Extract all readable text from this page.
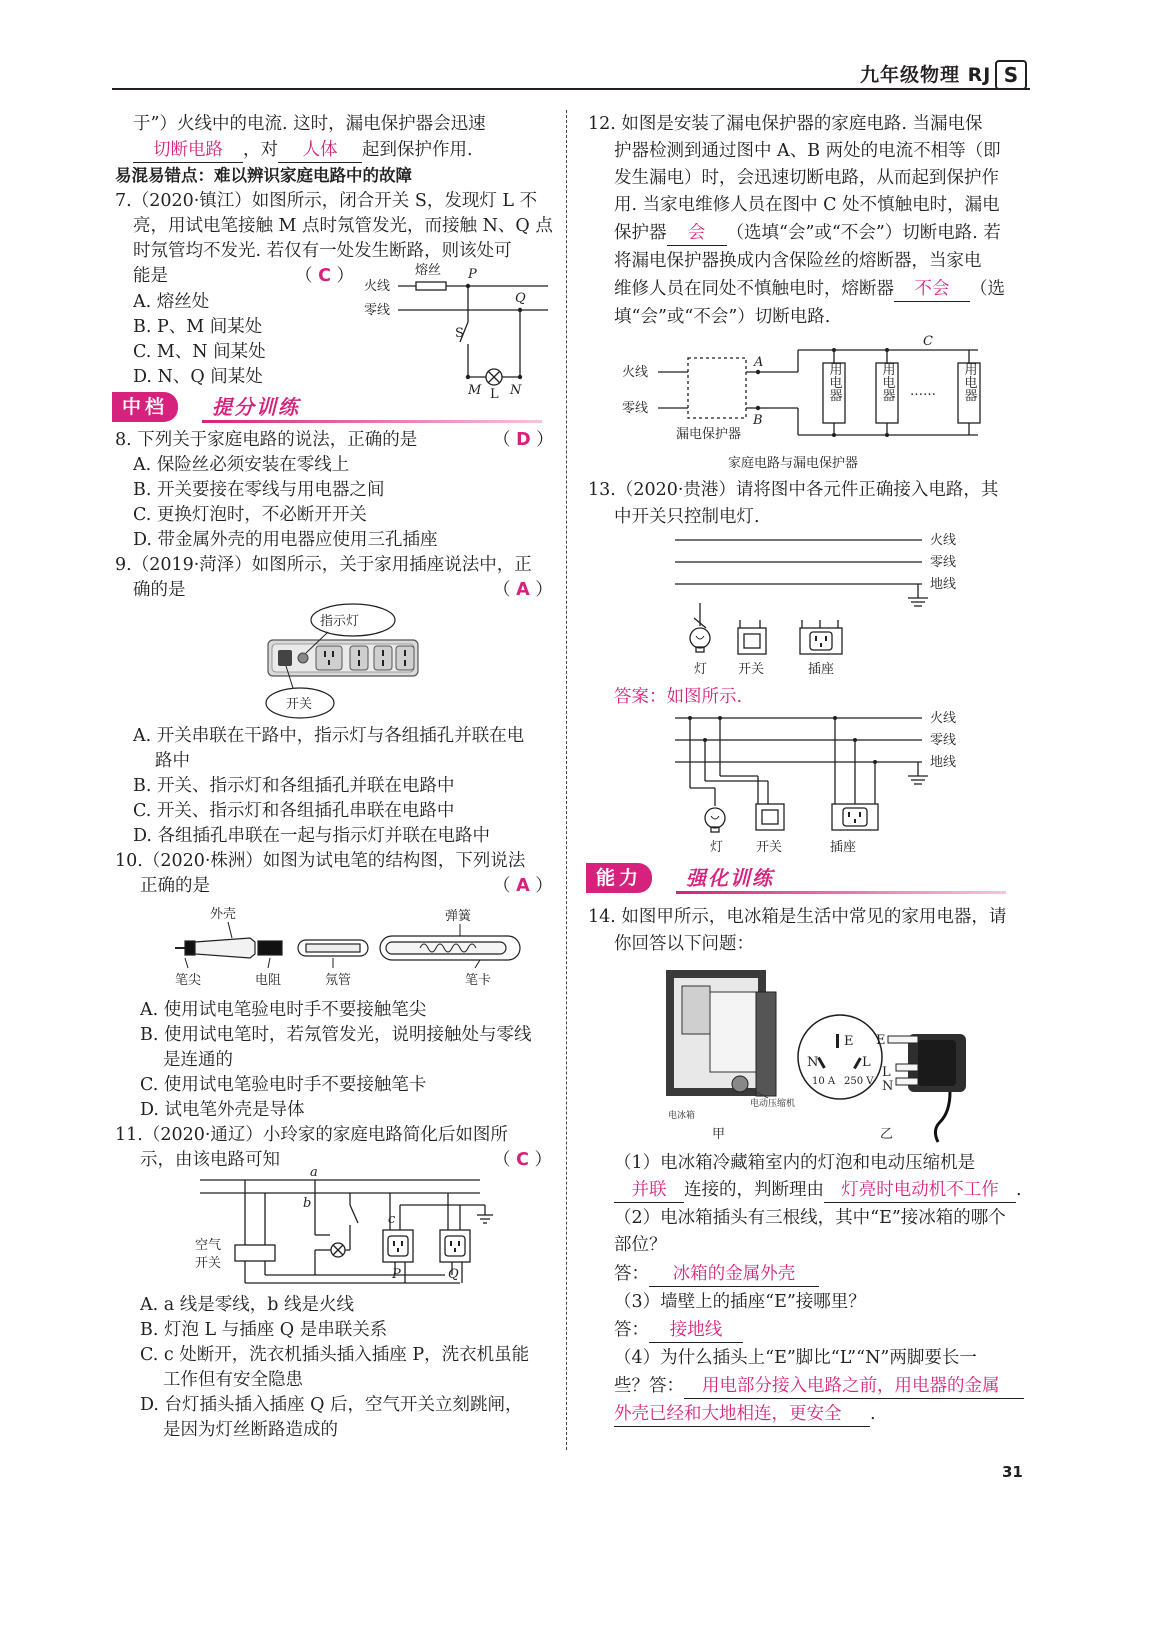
九年级物理 RJ S
于”）火线中的电流. 这时，漏电保护器会迅速
切断电路 ，对 人体 起到保护作用.
易混易错点：难以辨识家庭电路中的故障
7.（2020·镇江）如图所示，闭合开关 S，发现灯 L 不
亮，用试电笔接触 M 点时氖管发光，而接触 N、Q 点
时氖管均不发光. 若仅有一处发生断路，则该处可
能是	（ C ）
A. 熔丝处
B. P、M 间某处
C. M、N 间某处
D. N、Q 间某处
火线
零线
熔丝 P
Q
S
M L N
中档	提分训练
8. 下列关于家庭电路的说法，正确的是	（ D ）
A. 保险丝必须安装在零线上
B. 开关要接在零线与用电器之间
C. 更换灯泡时，不必断开开关
D. 带金属外壳的用电器应使用三孔插座
9.（2019·菏泽）如图所示，关于家用插座说法中，正
确的是	（ A ）
指示灯
开关
A. 开关串联在干路中，指示灯与各组插孔并联在电
路中
B. 开关、指示灯和各组插孔并联在电路中
C. 开关、指示灯和各组插孔串联在电路中
D. 各组插孔串联在一起与指示灯并联在电路中
10.（2020·株洲）如图为试电笔的结构图，下列说法
正确的是	（ A ）
外壳	弹簧
笔尖	电阻	氖管	笔卡
A. 使用试电笔验电时手不要接触笔尖
B. 使用试电笔时，若氖管发光，说明接触处与零线
是连通的
C. 使用试电笔验电时手不要接触笔卡
D. 试电笔外壳是导体
11.（2020·通辽）小玲家的家庭电路简化后如图所
示，由该电路可知	（ C ）
a
b
c
空气
开关
P	Q
A. a 线是零线，b 线是火线
B. 灯泡 L 与插座 Q 是串联关系
C. c 处断开，洗衣机插头插入插座 P，洗衣机虽能
工作但有安全隐患
D. 台灯插头插入插座 Q 后，空气开关立刻跳闸，
是因为灯丝断路造成的
12. 如图是安装了漏电保护器的家庭电路. 当漏电保
护器检测到通过图中 A、B 两处的电流不相等（即
发生漏电）时，会迅速切断电路，从而起到保护作
用. 当家电维修人员在图中 C 处不慎触电时，漏电
保护器 会 （选填“会”或“不会”）切断电路. 若
将漏电保护器换成内含保险丝的熔断器，当家电
维修人员在同处不慎触电时，熔断器 不会 （选
填“会”或“不会”）切断电路.
火线
零线
A
B
C
漏电保护器
用电器	用电器	用电器
……
家庭电路与漏电保护器
13.（2020·贵港）请将图中各元件正确接入电路，其
中开关只控制电灯.
火线
零线
地线
灯 开关	插座
答案：如图所示.
火线
零线
地线
灯	开关	插座
能力	强化训练
14. 如图甲所示，电冰箱是生活中常见的家用电器，请
你回答以下问题：
电动压缩机
电冰箱
甲
E
N	L
10 A 250 V
E
L
N
乙
（1）电冰箱冷藏箱室内的灯泡和电动压缩机是
并联 连接的，判断理由 灯亮时电动机不工作 .
（2）电冰箱插头有三根线，其中“E”接冰箱的哪个
部位？
答： 冰箱的金属外壳
（3）墙壁上的插座“E”接哪里？
答： 接地线
（4）为什么插头上“E”脚比“L”“N”两脚要长一
些？答： 用电部分接入电路之前，用电器的金属
外壳已经和大地相连，更安全 .
31
